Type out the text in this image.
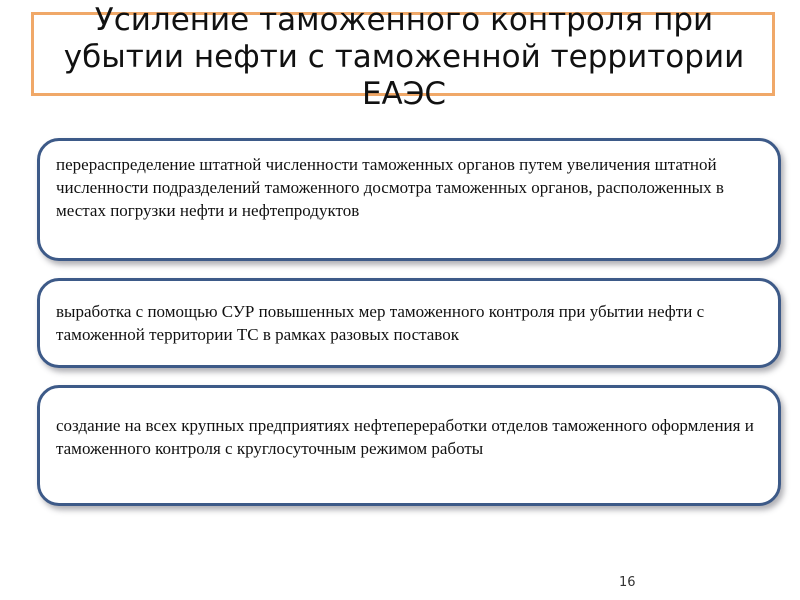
Усиление таможенного контроля при убытии нефти с таможенной территории ЕАЭС
перераспределение штатной численности таможенных органов путем увеличения штатной численности подразделений таможенного досмотра таможенных органов, расположенных в местах погрузки нефти и нефтепродуктов
выработка с помощью СУР повышенных мер таможенного контроля при убытии нефти с таможенной территории ТС в рамках разовых поставок
создание на всех крупных предприятиях нефтепереработки отделов таможенного оформления и таможенного контроля с круглосуточным режимом работы
16
